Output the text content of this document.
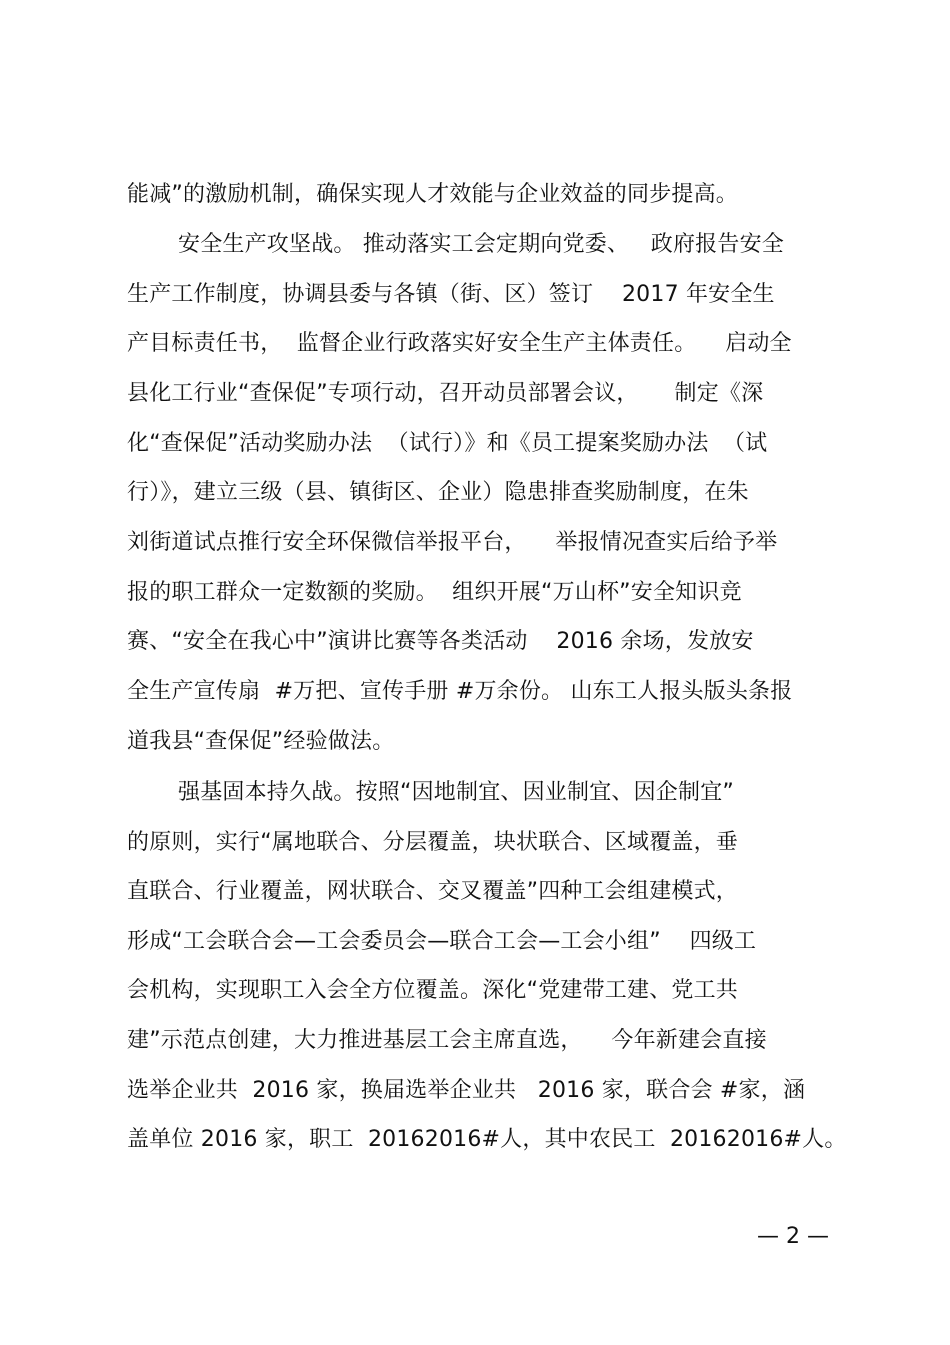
能减”的激励机制，确保实现人才效能与企业效益的同步提高。
安全生产攻坚战。 推动落实工会定期向党委、   政府报告安全
生产工作制度，协调县委与各镇（街、区）签订    2017 年安全生
产目标责任书，  监督企业行政落实好安全生产主体责任。    启动全
县化工行业“查保促”专项行动，召开动员部署会议，     制定《深
化“查保促”活动奖励办法  （试行）》和《员工提案奖励办法  （试
行）》，建立三级（县、镇街区、企业）隐患排查奖励制度，在朱
刘街道试点推行安全环保微信举报平台，    举报情况查实后给予举
报的职工群众一定数额的奖励。  组织开展“万山杯”安全知识竞
赛、“安全在我心中”演讲比赛等各类活动    2016 余场，发放安
全生产宣传扇  #万把、宣传手册 #万余份。 山东工人报头版头条报
道我县“查保促”经验做法。
强基固本持久战。按照“因地制宜、因业制宜、因企制宜”
的原则，实行“属地联合、分层覆盖，块状联合、区域覆盖，垂
直联合、行业覆盖，网状联合、交叉覆盖”四种工会组建模式，
形成“工会联合会—工会委员会—联合工会—工会小组”    四级工
会机构，实现职工入会全方位覆盖。深化“党建带工建、党工共
建”示范点创建，大力推进基层工会主席直选，    今年新建会直接
选举企业共  2016 家，换届选举企业共   2016 家，联合会 #家，涵
盖单位 2016 家，职工  20162016#人，其中农民工  20162016#人。
— 2 —
